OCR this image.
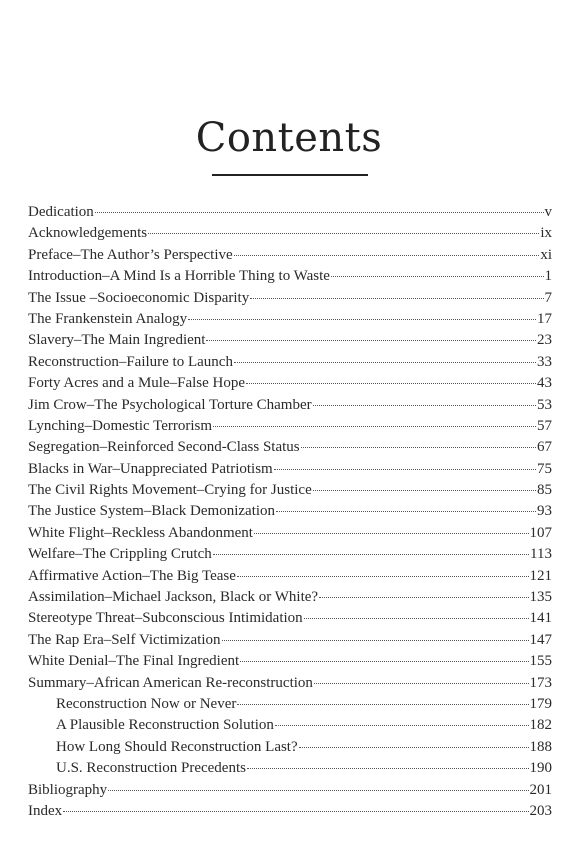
Contents
Dedication	v
Acknowledgements	ix
Preface–The Author’s Perspective	xi
Introduction–A Mind Is a Horrible Thing to Waste	1
The Issue –Socioeconomic Disparity	7
The Frankenstein Analogy	17
Slavery–The Main Ingredient	23
Reconstruction–Failure to Launch	33
Forty Acres and a Mule–False Hope	43
Jim Crow–The Psychological Torture Chamber	53
Lynching–Domestic Terrorism	57
Segregation–Reinforced Second-Class Status	67
Blacks in War–Unappreciated Patriotism	75
The Civil Rights Movement–Crying for Justice	85
The Justice System–Black Demonization	93
White Flight–Reckless Abandonment	107
Welfare–The Crippling Crutch	113
Affirmative Action–The Big Tease	121
Assimilation–Michael Jackson, Black or White?	135
Stereotype Threat–Subconscious Intimidation	141
The Rap Era–Self Victimization	147
White Denial–The Final Ingredient	155
Summary–African American Re-reconstruction	173
Reconstruction Now or Never	179
A Plausible Reconstruction Solution	182
How Long Should Reconstruction Last?	188
U.S. Reconstruction Precedents	190
Bibliography	201
Index	203
